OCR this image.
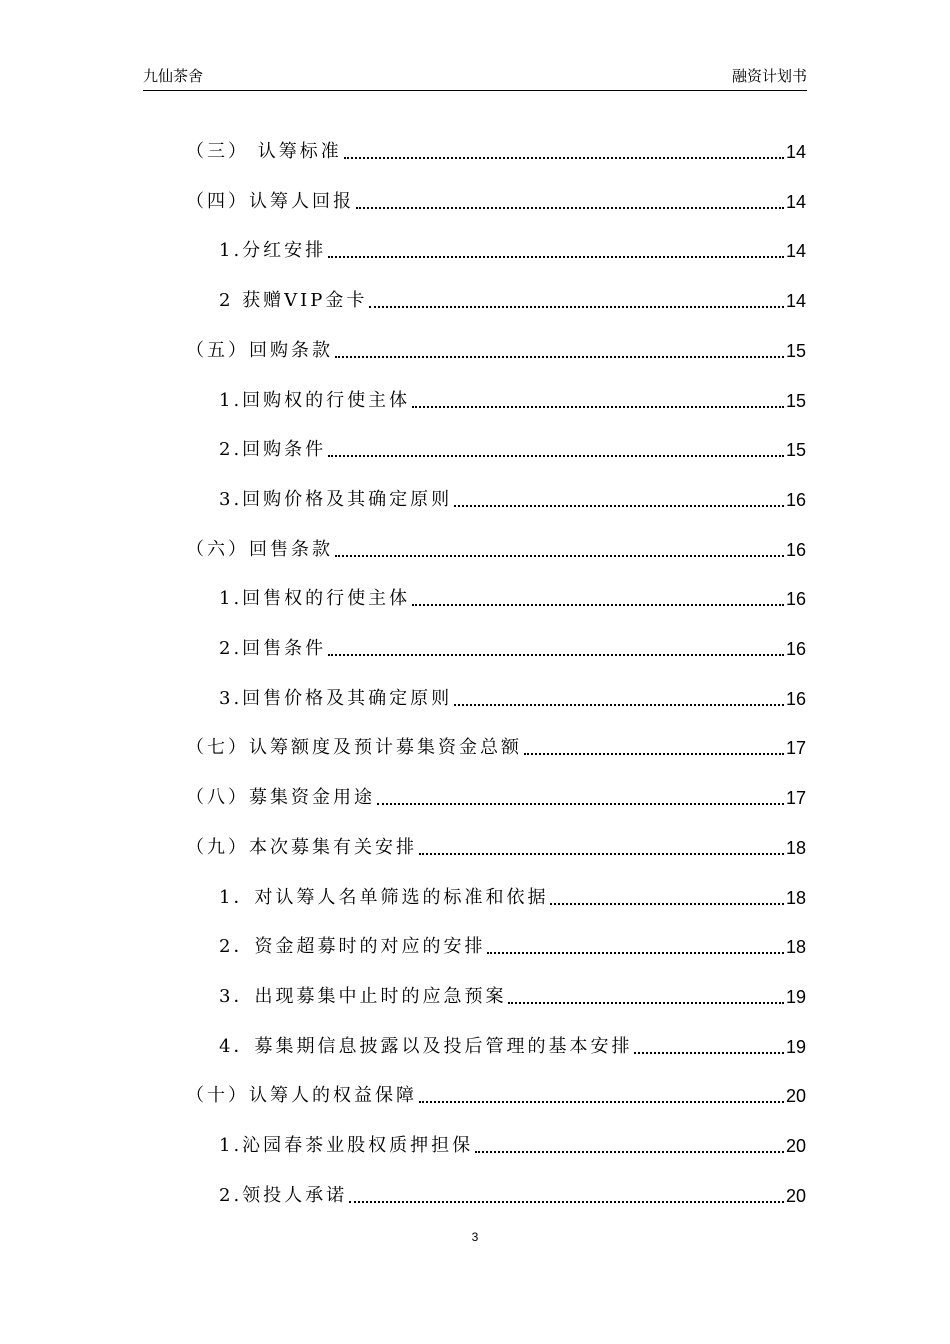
九仙茶舍	融资计划书
（三） 认筹标准	14
（四）认筹人回报	14
1.分红安排	14
2 获赠VIP金卡	14
（五）回购条款	15
1.回购权的行使主体	15
2.回购条件	15
3.回购价格及其确定原则	16
（六）回售条款	16
1.回售权的行使主体	16
2.回售条件	16
3.回售价格及其确定原则	16
（七）认筹额度及预计募集资金总额	17
（八）募集资金用途	17
（九）本次募集有关安排	18
1．对认筹人名单筛选的标准和依据	18
2．资金超募时的对应的安排	18
3．出现募集中止时的应急预案	19
4．募集期信息披露以及投后管理的基本安排	19
（十）认筹人的权益保障	20
1.沁园春茶业股权质押担保	20
2.领投人承诺	20
3
